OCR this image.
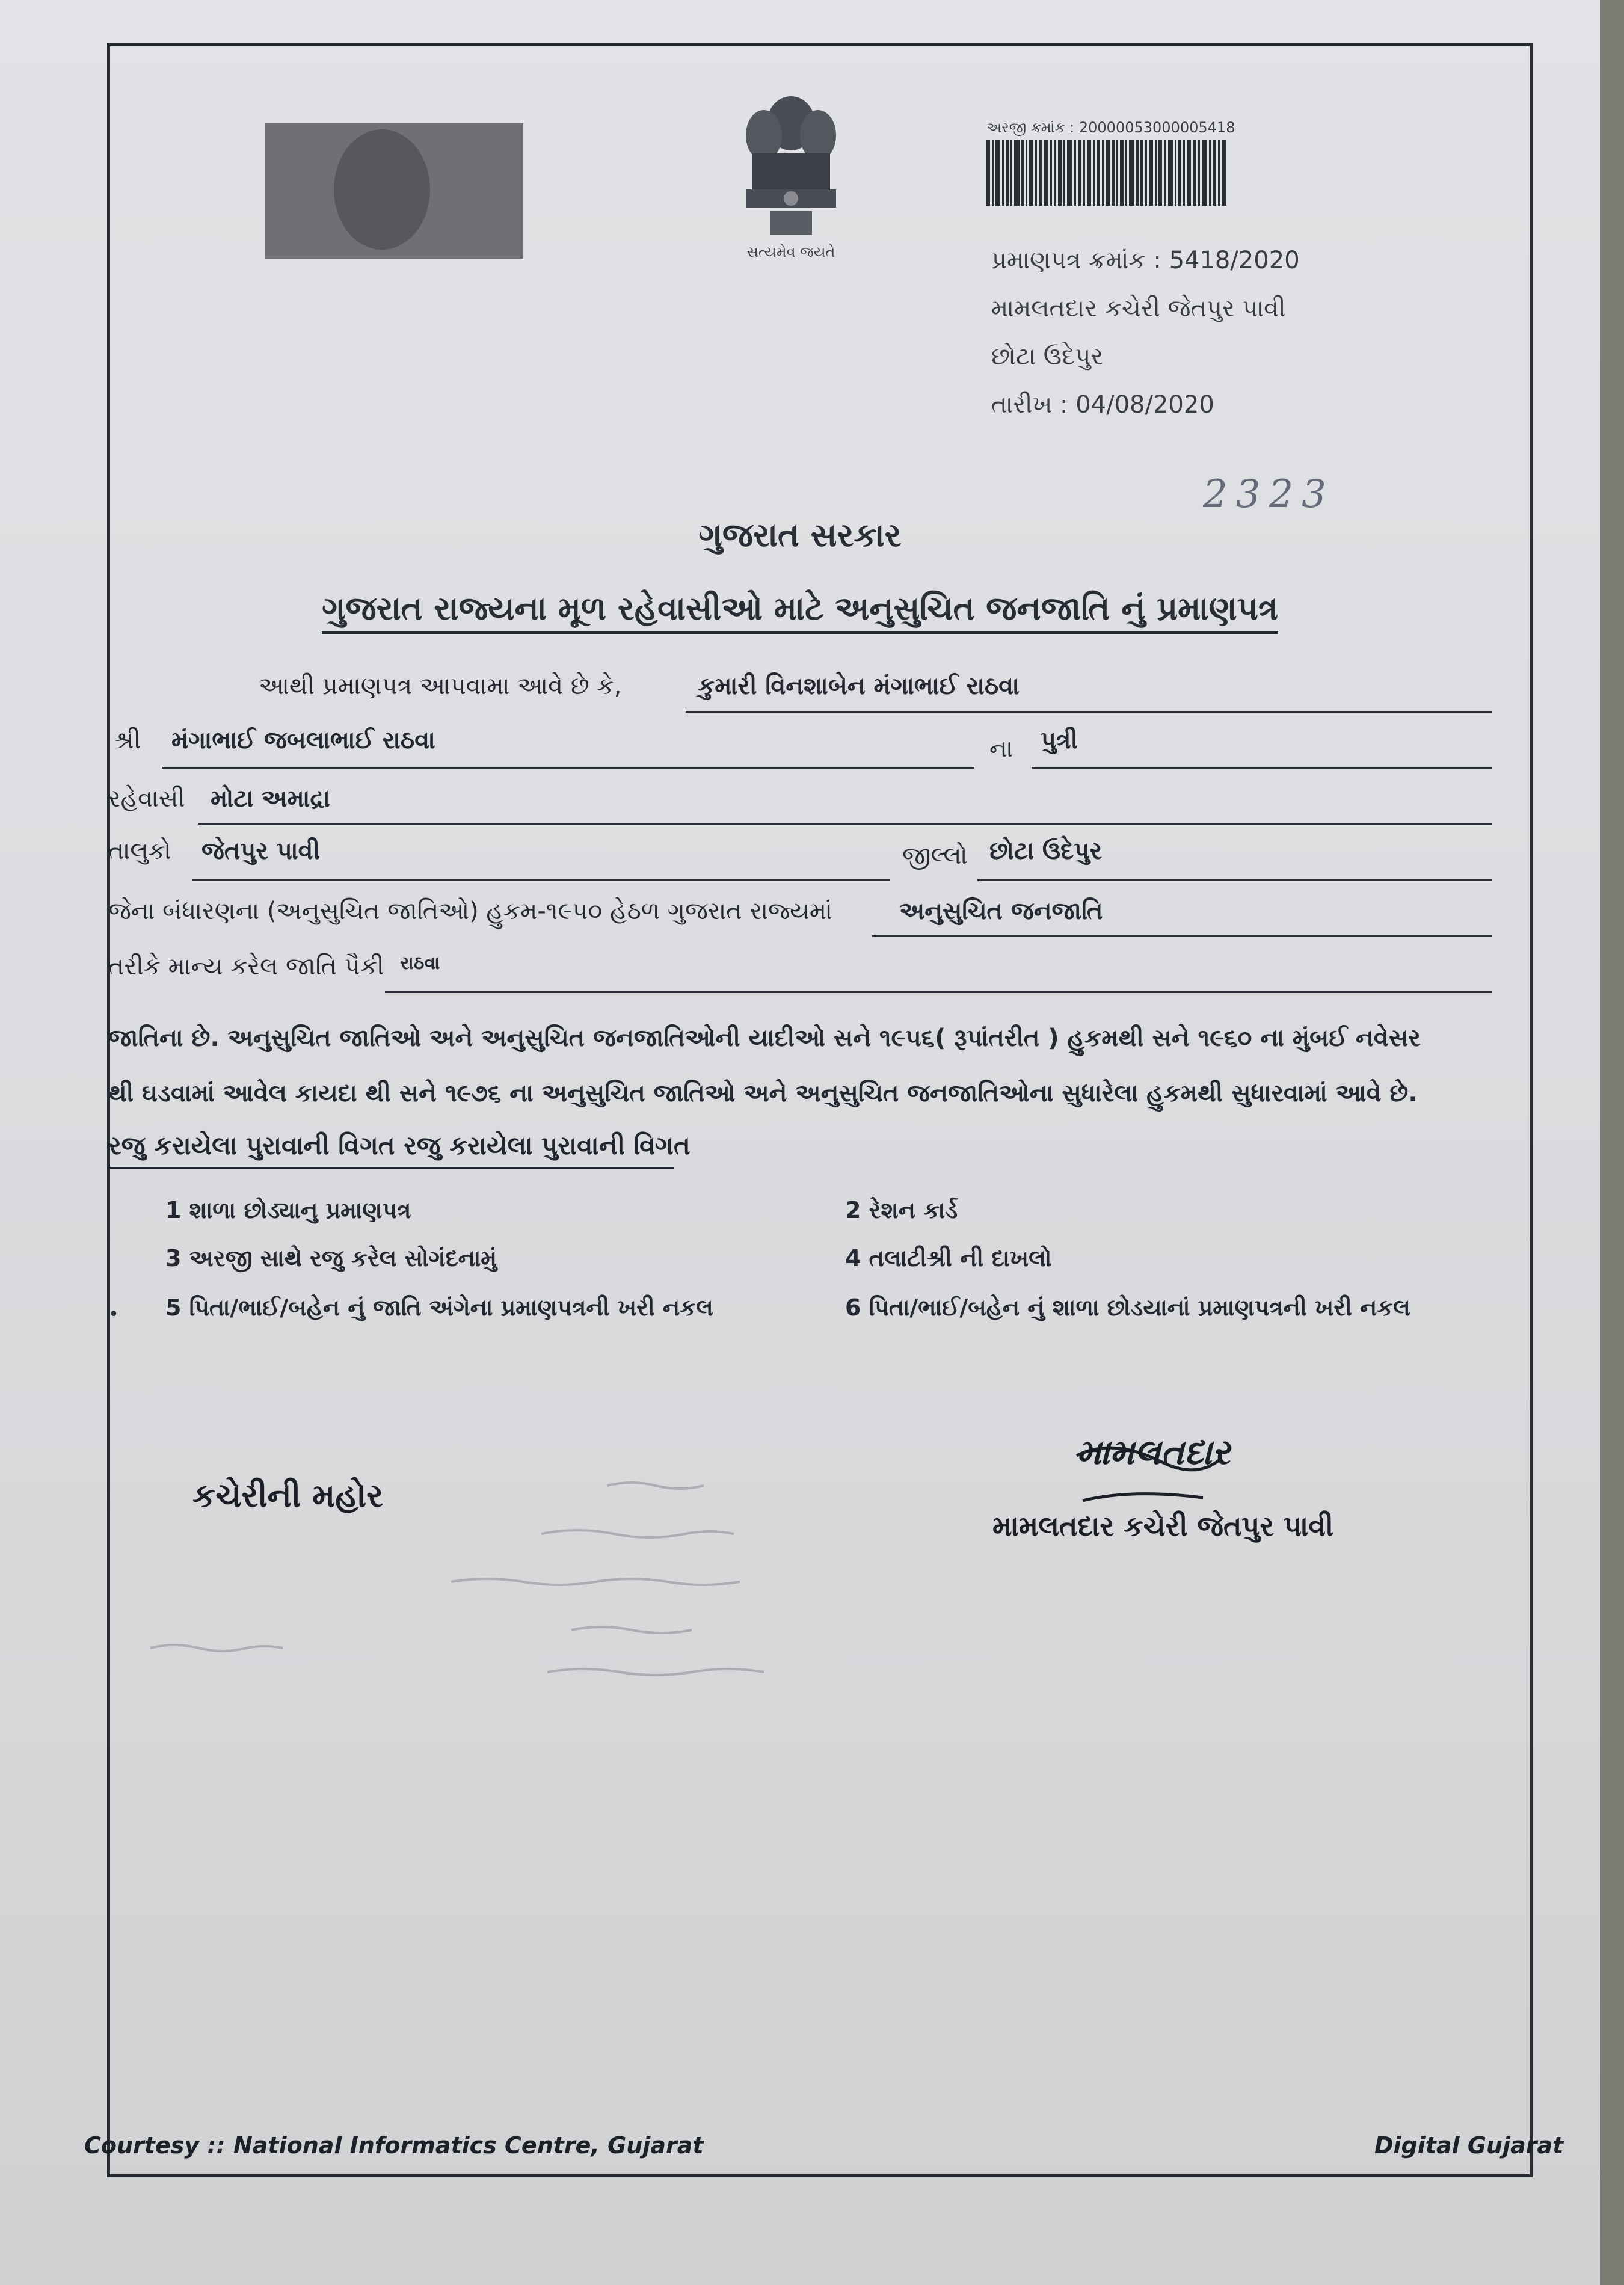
સત્યમેવ જયતે
અરજી ક્રમાંક : 20000053000005418
પ્રમાણપત્ર ક્રમાંક : 5418/2020
મામલતદાર કચેરી જેતપુર પાવી
છોટા ઉદેપુર
તારીખ : 04/08/2020
2323
ગુજરાત સરકાર
ગુજરાત રાજ્યના મૂળ રહેવાસીઓ માટે અનુસુચિત જનજાતિ નું પ્રમાણપત્ર
આથી પ્રમાણપત્ર આપવામા આવે છે કે,	કુમારી વિનશાબેન મંગાભાઈ રાઠવા
શ્રી મંગાભાઈ જબલાભાઈ રાઠવા	ના પુત્રી
રહેવાસી મોટા અમાદ્રા
તાલુકો જેતપુર પાવી	જીલ્લો છોટા ઉદેપુર
જેના બંધારણના (અનુસુચિત જાતિઓ) હુકમ-૧૯૫૦ હેઠળ ગુજરાત રાજ્યમાં	અનુસુચિત જનજાતિ
તરીકે માન્ય કરેલ જાતિ પૈકી રાઠવા
જાતિના છે. અનુસુચિત જાતિઓ અને અનુસુચિત જનજાતિઓની યાદીઓ સને ૧૯૫૬( રૂપાંતરીત ) હુકમથી સને ૧૯૬૦ ના મુંબઈ નવેસર
થી ઘડવામાં આવેલ કાયદા થી સને ૧૯૭૬ ના અનુસુચિત જાતિઓ અને અનુસુચિત જનજાતિઓના સુધારેલા હુકમથી સુધારવામાં આવે છે.
રજુ કરાયેલા પુરાવાની વિગત રજુ કરાયેલા પુરાવાની વિગત
1 શાળા છોડ્યાનુ પ્રમાણપત્ર	2 રેશન કાર્ડ
3 અરજી સાથે રજુ કરેલ સોગંદનામું	4 તલાટીશ્રી ની દાખલો
• 5 પિતા/ભાઈ/બહેન નું જાતિ અંગેના પ્રમાણપત્રની ખરી નકલ	6 પિતા/ભાઈ/બહેન નું શાળા છોડયાનાં પ્રમાણપત્રની ખરી નકલ
કચેરીની મહોર
મામલતદાર
મામલતદાર કચેરી જેતપુર પાવી
Courtesy :: National Informatics Centre, Gujarat	Digital Gujarat
